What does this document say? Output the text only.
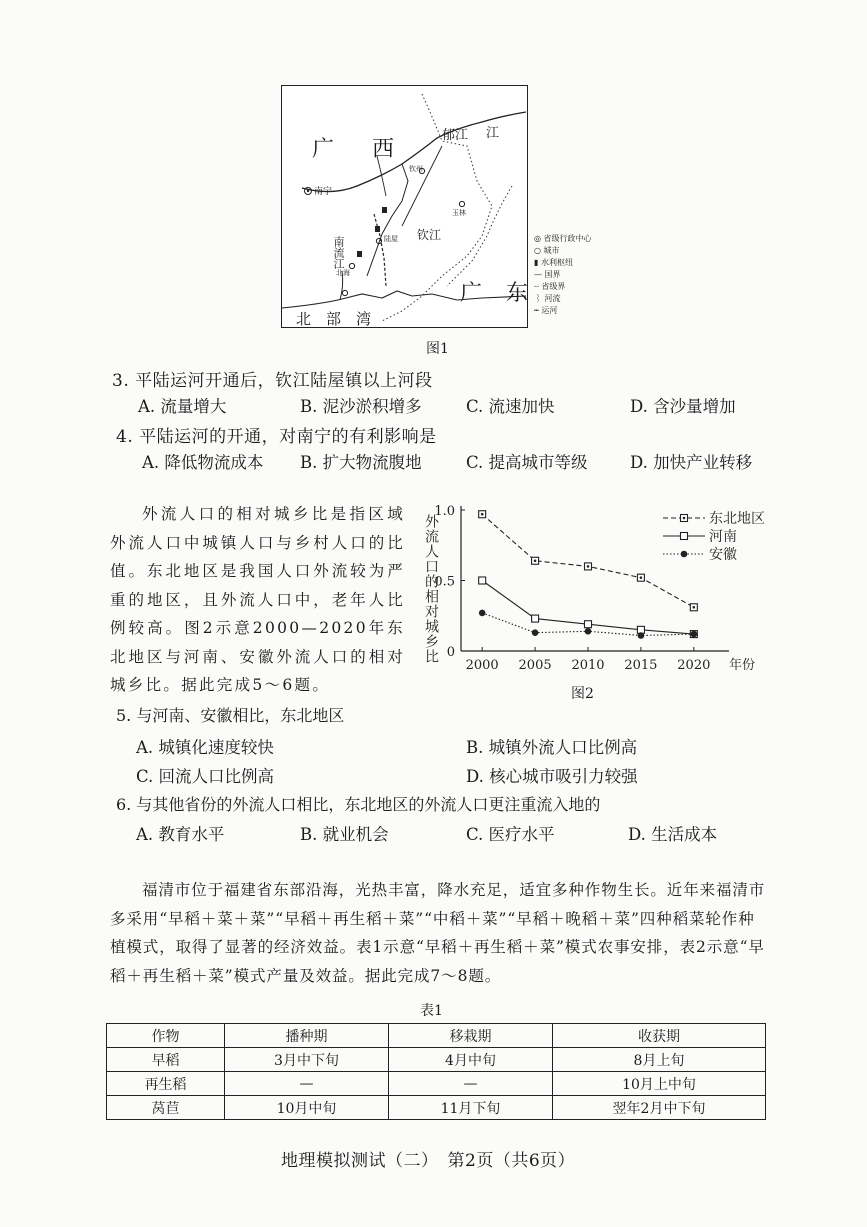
广 西
广 东
北 部 湾
南宁
郁江 江
钦江
南流江	陆屋
玉林
钦州
北海
◎ 省级行政中心
○ 城市
▮ 水利枢纽
— 国界
┈ 省级界
⌇ 河流
┅ 运河
图1
3. 平陆运河开通后，钦江陆屋镇以上河段
A. 流量增大	B. 泥沙淤积增多	C. 流速加快	D. 含沙量增加
4. 平陆运河的开通，对南宁的有利影响是
A. 降低物流成本 B. 扩大物流腹地	C. 提高城市等级	D. 加快产业转移
外流人口的相对城乡比是指区域外流人口中城镇人口与乡村人口的比值。东北地区是我国人口外流较为严重的地区，且外流人口中，老年人比例较高。图2示意2000—2020年东北地区与河南、安徽外流人口的相对城乡比。据此完成5～6题。
0
0.5
1.0
2000 2005 2010 2015 2020 年份
外流人口的相对城乡比	东北地区
河南
安徽
图2
5. 与河南、安徽相比，东北地区
A. 城镇化速度较快	B. 城镇外流人口比例高
C. 回流人口比例高	D. 核心城市吸引力较强
6. 与其他省份的外流人口相比，东北地区的外流人口更注重流入地的
A. 教育水平	B. 就业机会	C. 医疗水平	D. 生活成本
福清市位于福建省东部沿海，光热丰富，降水充足，适宜多种作物生长。近年来福清市多采用“早稻＋菜＋菜”“早稻＋再生稻＋菜”“中稻＋菜”“早稻＋晚稻＋菜”四种稻菜轮作种植模式，取得了显著的经济效益。表1示意“早稻＋再生稻＋菜”模式农事安排，表2示意“早稻＋再生稻＋菜”模式产量及效益。据此完成7～8题。
表1
作物	播种期	移栽期	收获期
早稻	3月中下旬	4月中旬	8月上旬
再生稻	—	—	10月上中旬
莴苣	10月中旬	11月下旬	翌年2月中下旬
地理模拟测试（二）　第2页（共6页）
